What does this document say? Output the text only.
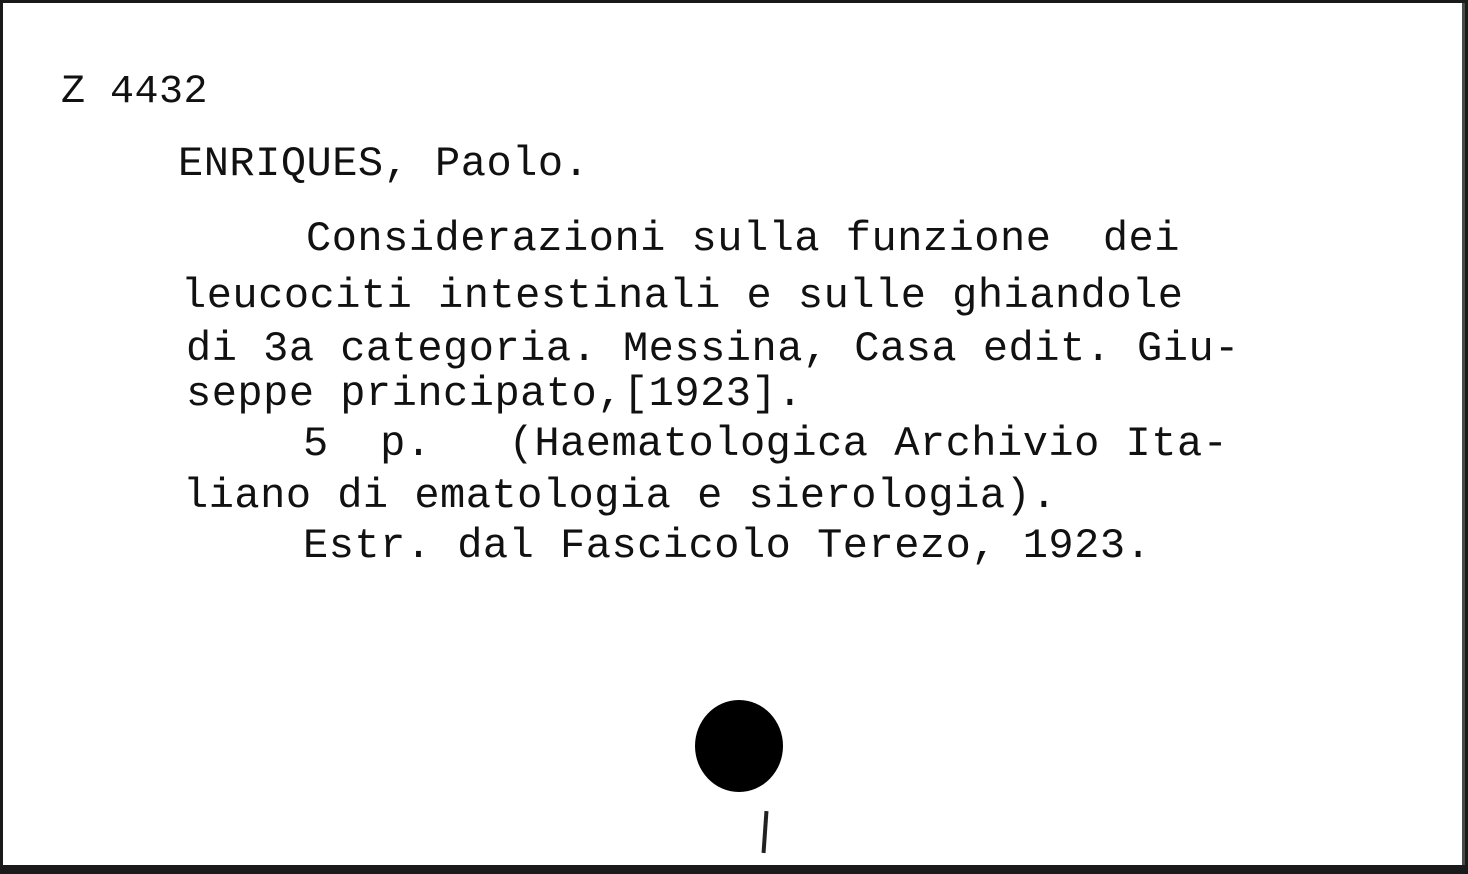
Z 4432
ENRIQUES, Paolo.
Considerazioni sulla funzione  dei
leucociti intestinali e sulle ghiandole
di 3a categoria. Messina, Casa edit. Giu-
seppe principato,[1923].
5  p.   (Haematologica Archivio Ita-
liano di ematologia e sierologia).
Estr. dal Fascicolo Terezo, 1923.
